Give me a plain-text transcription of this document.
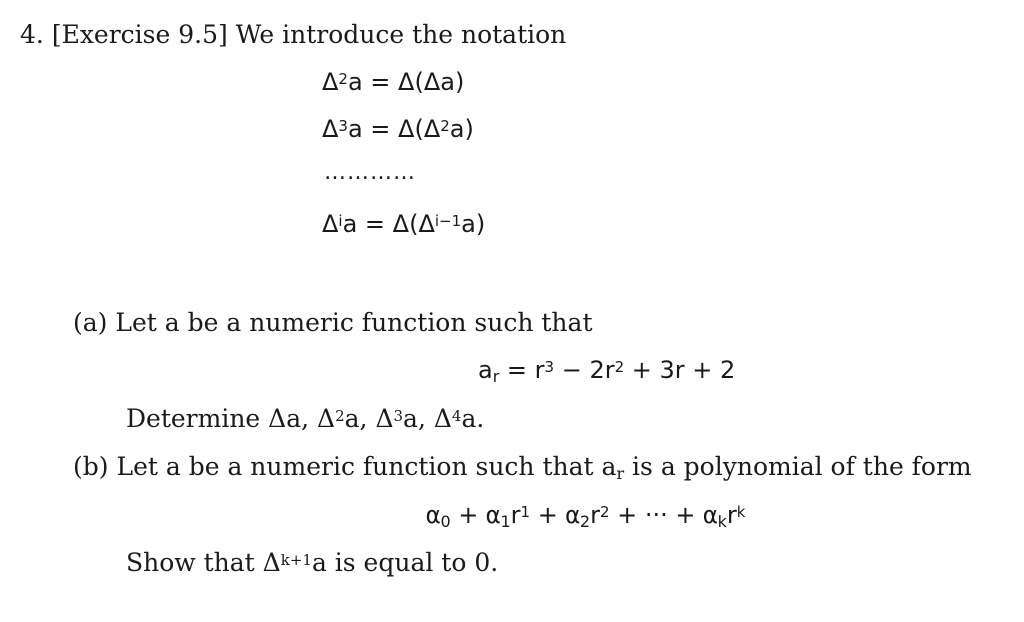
4. [Exercise 9.5] We introduce the notation
$\Delta^2a = \Delta(\Delta a)$
$\Delta^3a = \Delta(\Delta^2a)$
…………
$\Delta^ia = \Delta(\Delta^{i-1}a)$
(a) Let a be a numeric function such that
$a_r = r^3 - 2r^2 + 3r + 2$
Determine Δa, $\Delta^2a$, $\Delta^3a$, $\Delta^4a$.
(b) Let a be a numeric function such that $a_r$ is a polynomial of the form
$\alpha_0 + \alpha_1r^1 + \alpha_2r^2$ + ··· + $\alpha_kr^k$
Show that $\Delta^{k+1}a$ is equal to 0.
